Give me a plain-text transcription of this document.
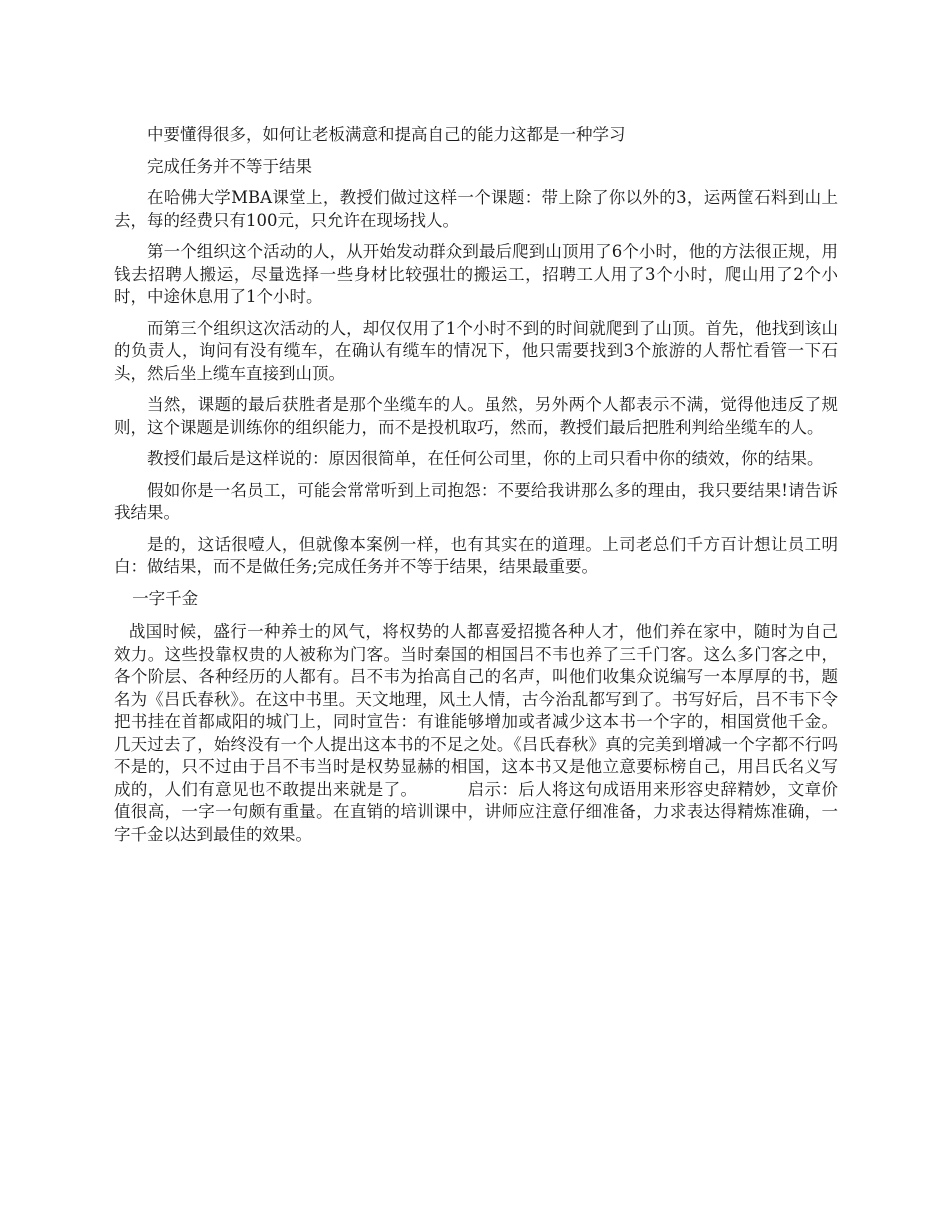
中要懂得很多，如何让老板满意和提高自己的能力这都是一种学习

完成任务并不等于结果

在哈佛大学MBA课堂上，教授们做过这样一个课题：带上除了你以外的3，运两筐石料到山上去，每的经费只有100元，只允许在现场找人。

第一个组织这个活动的人，从开始发动群众到最后爬到山顶用了6个小时，他的方法很正规，用钱去招聘人搬运，尽量选择一些身材比较强壮的搬运工，招聘工人用了3个小时，爬山用了2个小时，中途休息用了1个小时。

而第三个组织这次活动的人，却仅仅用了1个小时不到的时间就爬到了山顶。首先，他找到该山的负责人，询问有没有缆车，在确认有缆车的情况下，他只需要找到3个旅游的人帮忙看管一下石头，然后坐上缆车直接到山顶。

当然，课题的最后获胜者是那个坐缆车的人。虽然，另外两个人都表示不满，觉得他违反了规则，这个课题是训练你的组织能力，而不是投机取巧，然而，教授们最后把胜利判给坐缆车的人。

教授们最后是这样说的：原因很简单，在任何公司里，你的上司只看中你的绩效，你的结果。

假如你是一名员工，可能会常常听到上司抱怨：不要给我讲那么多的理由，我只要结果!请告诉我结果。

是的，这话很噎人，但就像本案例一样，也有其实在的道理。上司老总们千方百计想让员工明白：做结果，而不是做任务;完成任务并不等于结果，结果最重要。

一字千金

战国时候，盛行一种养士的风气，将权势的人都喜爱招揽各种人才，他们养在家中，随时为自己效力。这些投靠权贵的人被称为门客。当时秦国的相国吕不韦也养了三千门客。这么多门客之中，各个阶层、各种经历的人都有。吕不韦为抬高自己的名声，叫他们收集众说编写一本厚厚的书，题名为《吕氏春秋》。在这中书里。天文地理，风土人情，古今治乱都写到了。书写好后，吕不韦下令把书挂在首都咸阳的城门上，同时宣告：有谁能够增加或者减少这本书一个字的，相国赏他千金。几天过去了，始终没有一个人提出这本书的不足之处。《吕氏春秋》真的完美到增减一个字都不行吗不是的，只不过由于吕不韦当时是权势显赫的相国，这本书又是他立意要标榜自己，用吕氏名义写成的，人们有意见也不敢提出来就是了。	启示：后人将这句成语用来形容史辞精妙，文章价值很高，一字一句颇有重量。在直销的培训课中，讲师应注意仔细准备，力求表达得精炼准确，一字千金以达到最佳的效果。
